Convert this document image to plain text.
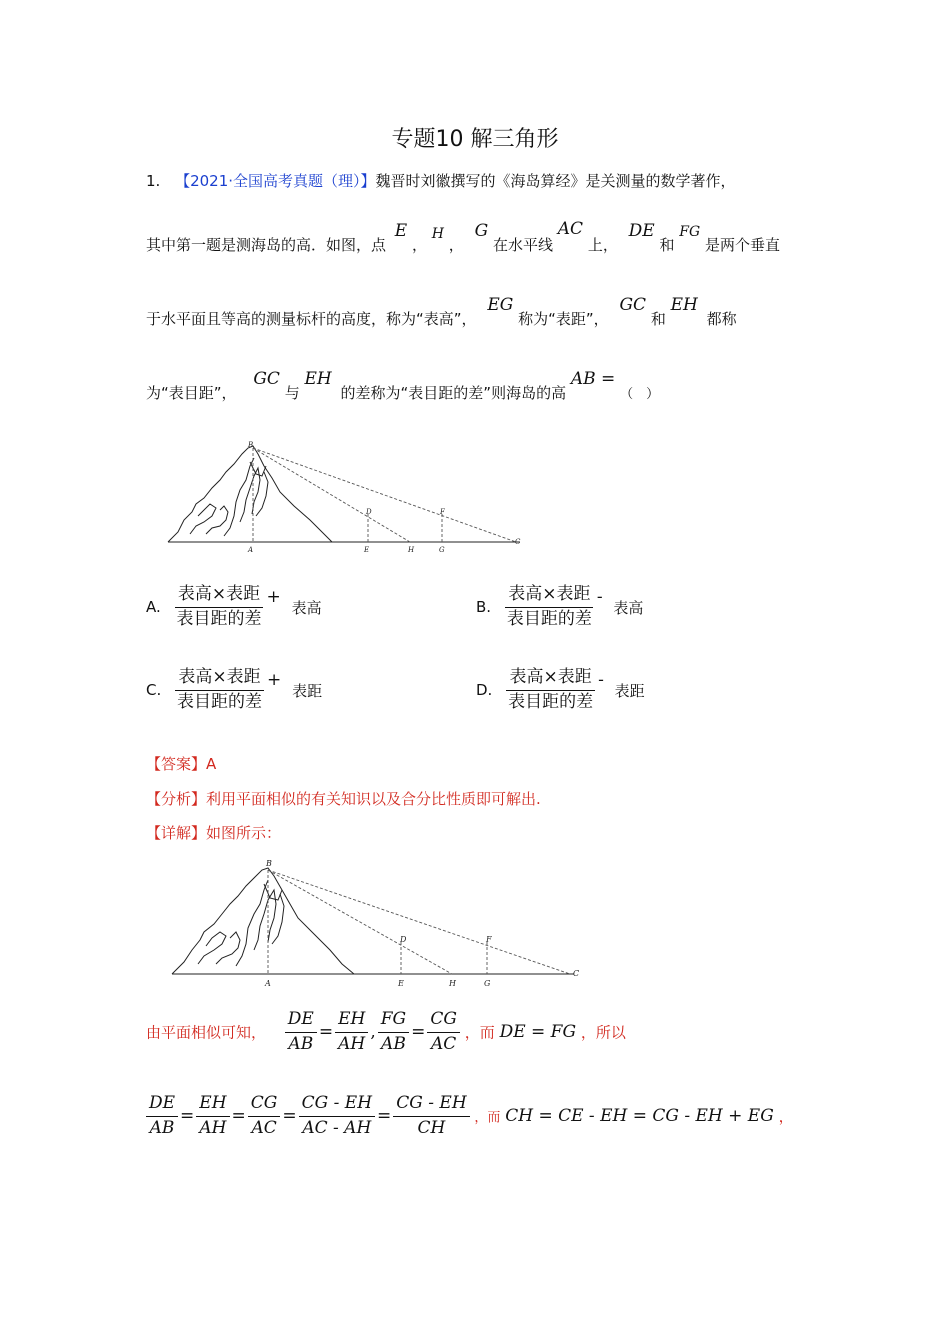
专题10 解三角形
1. 【2021·全国高考真题（理）】魏晋时刘徽撰写的《海岛算经》是关测量的数学著作，
其中第一题是测海岛的高．如图，点 E ， H ， G 在水平线 AC 上， DE 和 FG 是两个垂直
于水平面且等高的测量标杆的高度，称为“表高”， EG 称为“表距”， GC 和 EH 都称
为“表目距”， GC 与 EH 的差称为“表目距的差”则海岛的高 AB = （　）
B
D	F
A	E	H	G
C
A. $\frac{\text{表高×表距}}{\text{表目距的差}}$ + 表高	B. $\frac{\text{表高×表距}}{\text{表目距的差}}$ - 表高
C. $\frac{\text{表高×表距}}{\text{表目距的差}}$ + 表距	D. $\frac{\text{表高×表距}}{\text{表目距的差}}$ - 表距
【答案】A
【分析】利用平面相似的有关知识以及合分比性质即可解出.
【详解】如图所示：
B
D	F
A	E	H	G
C
由平面相似可知， $\frac{DE}{AB} = \frac{EH}{AH}$ , $\frac{FG}{AB} = \frac{CG}{AC}$ ，而 DE = FG ，所以
$\frac{DE}{AB} = \frac{EH}{AH} = \frac{CG}{AC} = \frac{CG - EH}{AC - AH} = \frac{CG - EH}{CH}$ ，而 CH = CE - EH = CG - EH + EG ，
